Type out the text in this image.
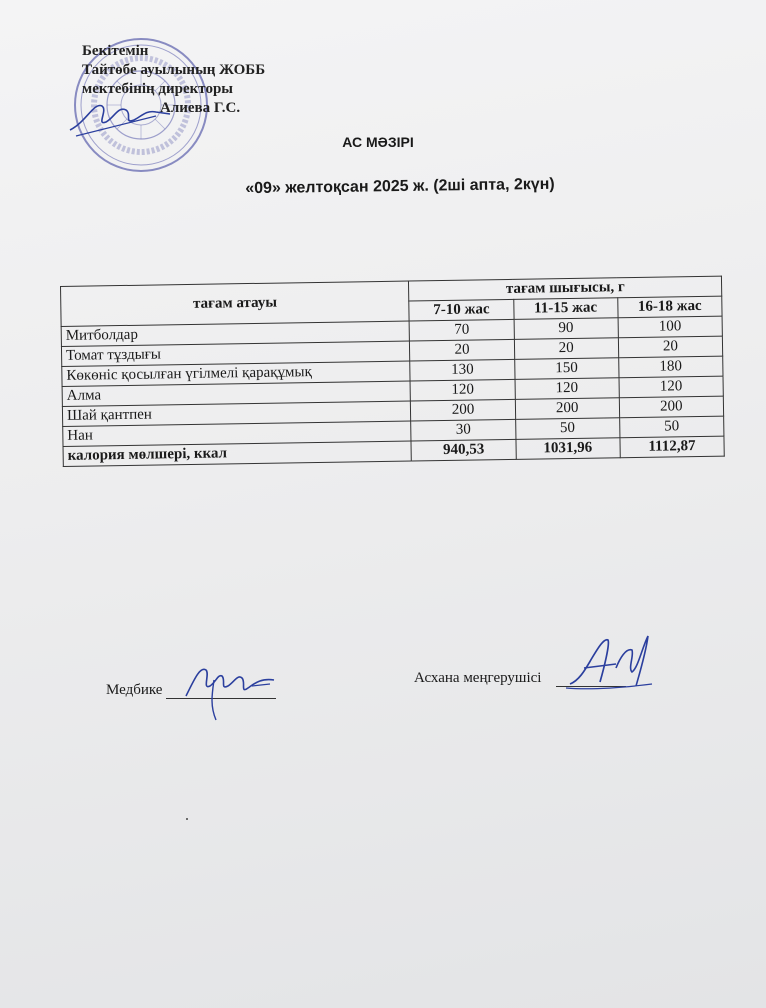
Бекітемін
Тайтөбе ауылының ЖОББ
мектебінің директоры
Алиева Г.С.
АС МӘЗІРІ
«09» желтоқсан 2025 ж. (2ші апта, 2күн)
тағам атауы	тағам шығысы, г		
	7-10 жас	11-15 жас	16-18 жас
Митболдар	70	90	100
Томат тұздығы	20	20	20
Көкөніс қосылған үгілмелі қарақұмық	130	150	180
Алма	120	120	120
Шай қантпен	200	200	200
Нан	30	50	50
калория мөлшері, ккал	940,53	1031,96	1112,87
Медбике
Асхана меңгерушісі
